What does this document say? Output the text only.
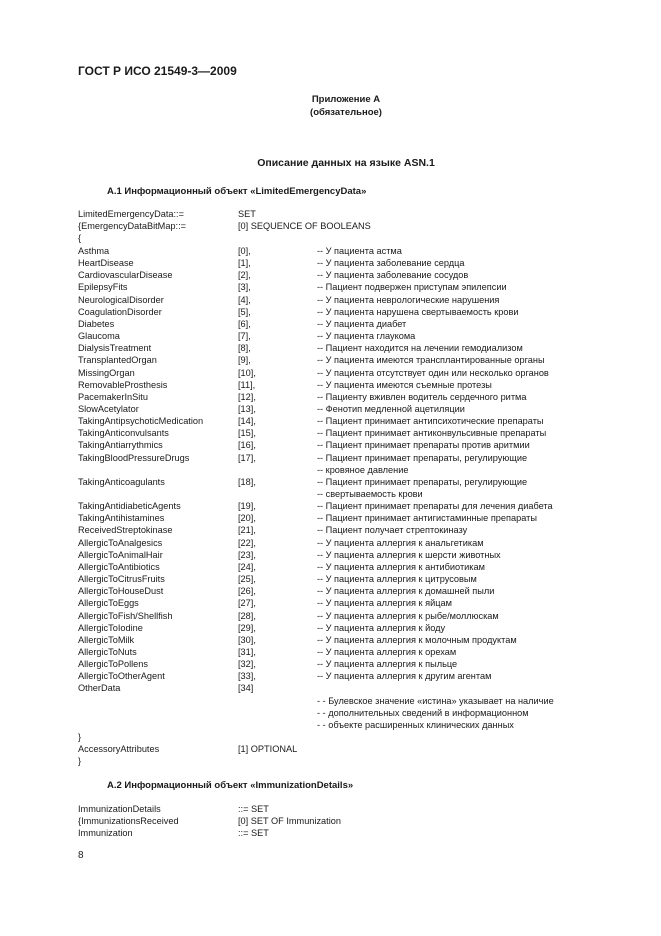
ГОСТ Р ИСО 21549-3—2009
Приложение А
(обязательное)
Описание данных на языке ASN.1
А.1 Информационный объект «LimitedEmergencyData»
А.2 Информационный объект «ImmunizationDetails»
LimitedEmergencyData::=	SET
{EmergencyDataBitMap::=	[0] SEQUENCE OF BOOLEANS
{
Asthma	[0],	-- У пациента астма
HeartDisease	[1],	-- У пациента заболевание сердца
CardiovascularDisease	[2],	-- У пациента заболевание сосудов
EpilepsyFits	[3],	-- Пациент подвержен приступам эпилепсии
NeurologicalDisorder	[4],	-- У пациента неврологические нарушения
CoagulationDisorder	[5],	-- У пациента нарушена свертываемость крови
Diabetes	[6],	-- У пациента диабет
Glaucoma	[7],	-- У пациента глаукома
DialysisTreatment	[8],	-- Пациент находится на лечении гемодиализом
TransplantedOrgan	[9],	-- У пациента имеются трансплантированные органы
MissingOrgan	[10],	-- У пациента отсутствует один или несколько органов
RemovableProsthesis	[11],	-- У пациента имеются съемные протезы
PacemakerInSitu	[12],	-- Пациенту вживлен водитель сердечного ритма
SlowAcetylator	[13],	-- Фенотип медленной ацетиляции
TakingAntipsychoticMedication	[14],	-- Пациент принимает антипсихотические препараты
TakingAnticonvulsants	[15],	-- Пациент принимает антиконвульсивные препараты
TakingAntiarrythmics	[16],	-- Пациент принимает препараты против аритмии
TakingBloodPressureDrugs	[17],	-- Пациент принимает препараты, регулирующие
-- кровяное давление
TakingAnticoagulants	[18],	-- Пациент принимает препараты, регулирующие
-- свертываемость крови
TakingAntidiabeticAgents	[19],	-- Пациент принимает препараты для лечения диабета
TakingAntihistamines	[20],	-- Пациент принимает антигистаминные препараты
ReceivedStreptokinase	[21],	-- Пациент получает стрептокиназу
AllergicToAnalgesics	[22],	-- У пациента аллергия к анальгетикам
AllergicToAnimalHair	[23],	-- У пациента аллергия к шерсти животных
AllergicToAntibiotics	[24],	-- У пациента аллергия к антибиотикам
AllergicToCitrusFruits	[25],	-- У пациента аллергия к цитрусовым
AllergicToHouseDust	[26],	-- У пациента аллергия к домашней пыли
AllergicToEggs	[27],	-- У пациента аллергия к яйцам
AllergicToFish/Shellfish	[28],	-- У пациента аллергия к рыбе/моллюскам
AllergicToIodine	[29],	-- У пациента аллергия к йоду
AllergicToMilk	[30],	-- У пациента аллергия к молочным продуктам
AllergicToNuts	[31],	-- У пациента аллергия к орехам
AllergicToPollens	[32],	-- У пациента аллергия к пыльце
AllergicToOtherAgent	[33],	-- У пациента аллергия к другим агентам
OtherData	[34]
- - Булевское значение «истина» указывает на наличие
- - дополнительных сведений в информационном
- - объекте расширенных клинических данных
}
AccessoryAttributes	[1] OPTIONAL
}
ImmunizationDetails	::= SET
{ImmunizationsReceived	[0] SET OF Immunization
Immunization	::= SET
8
